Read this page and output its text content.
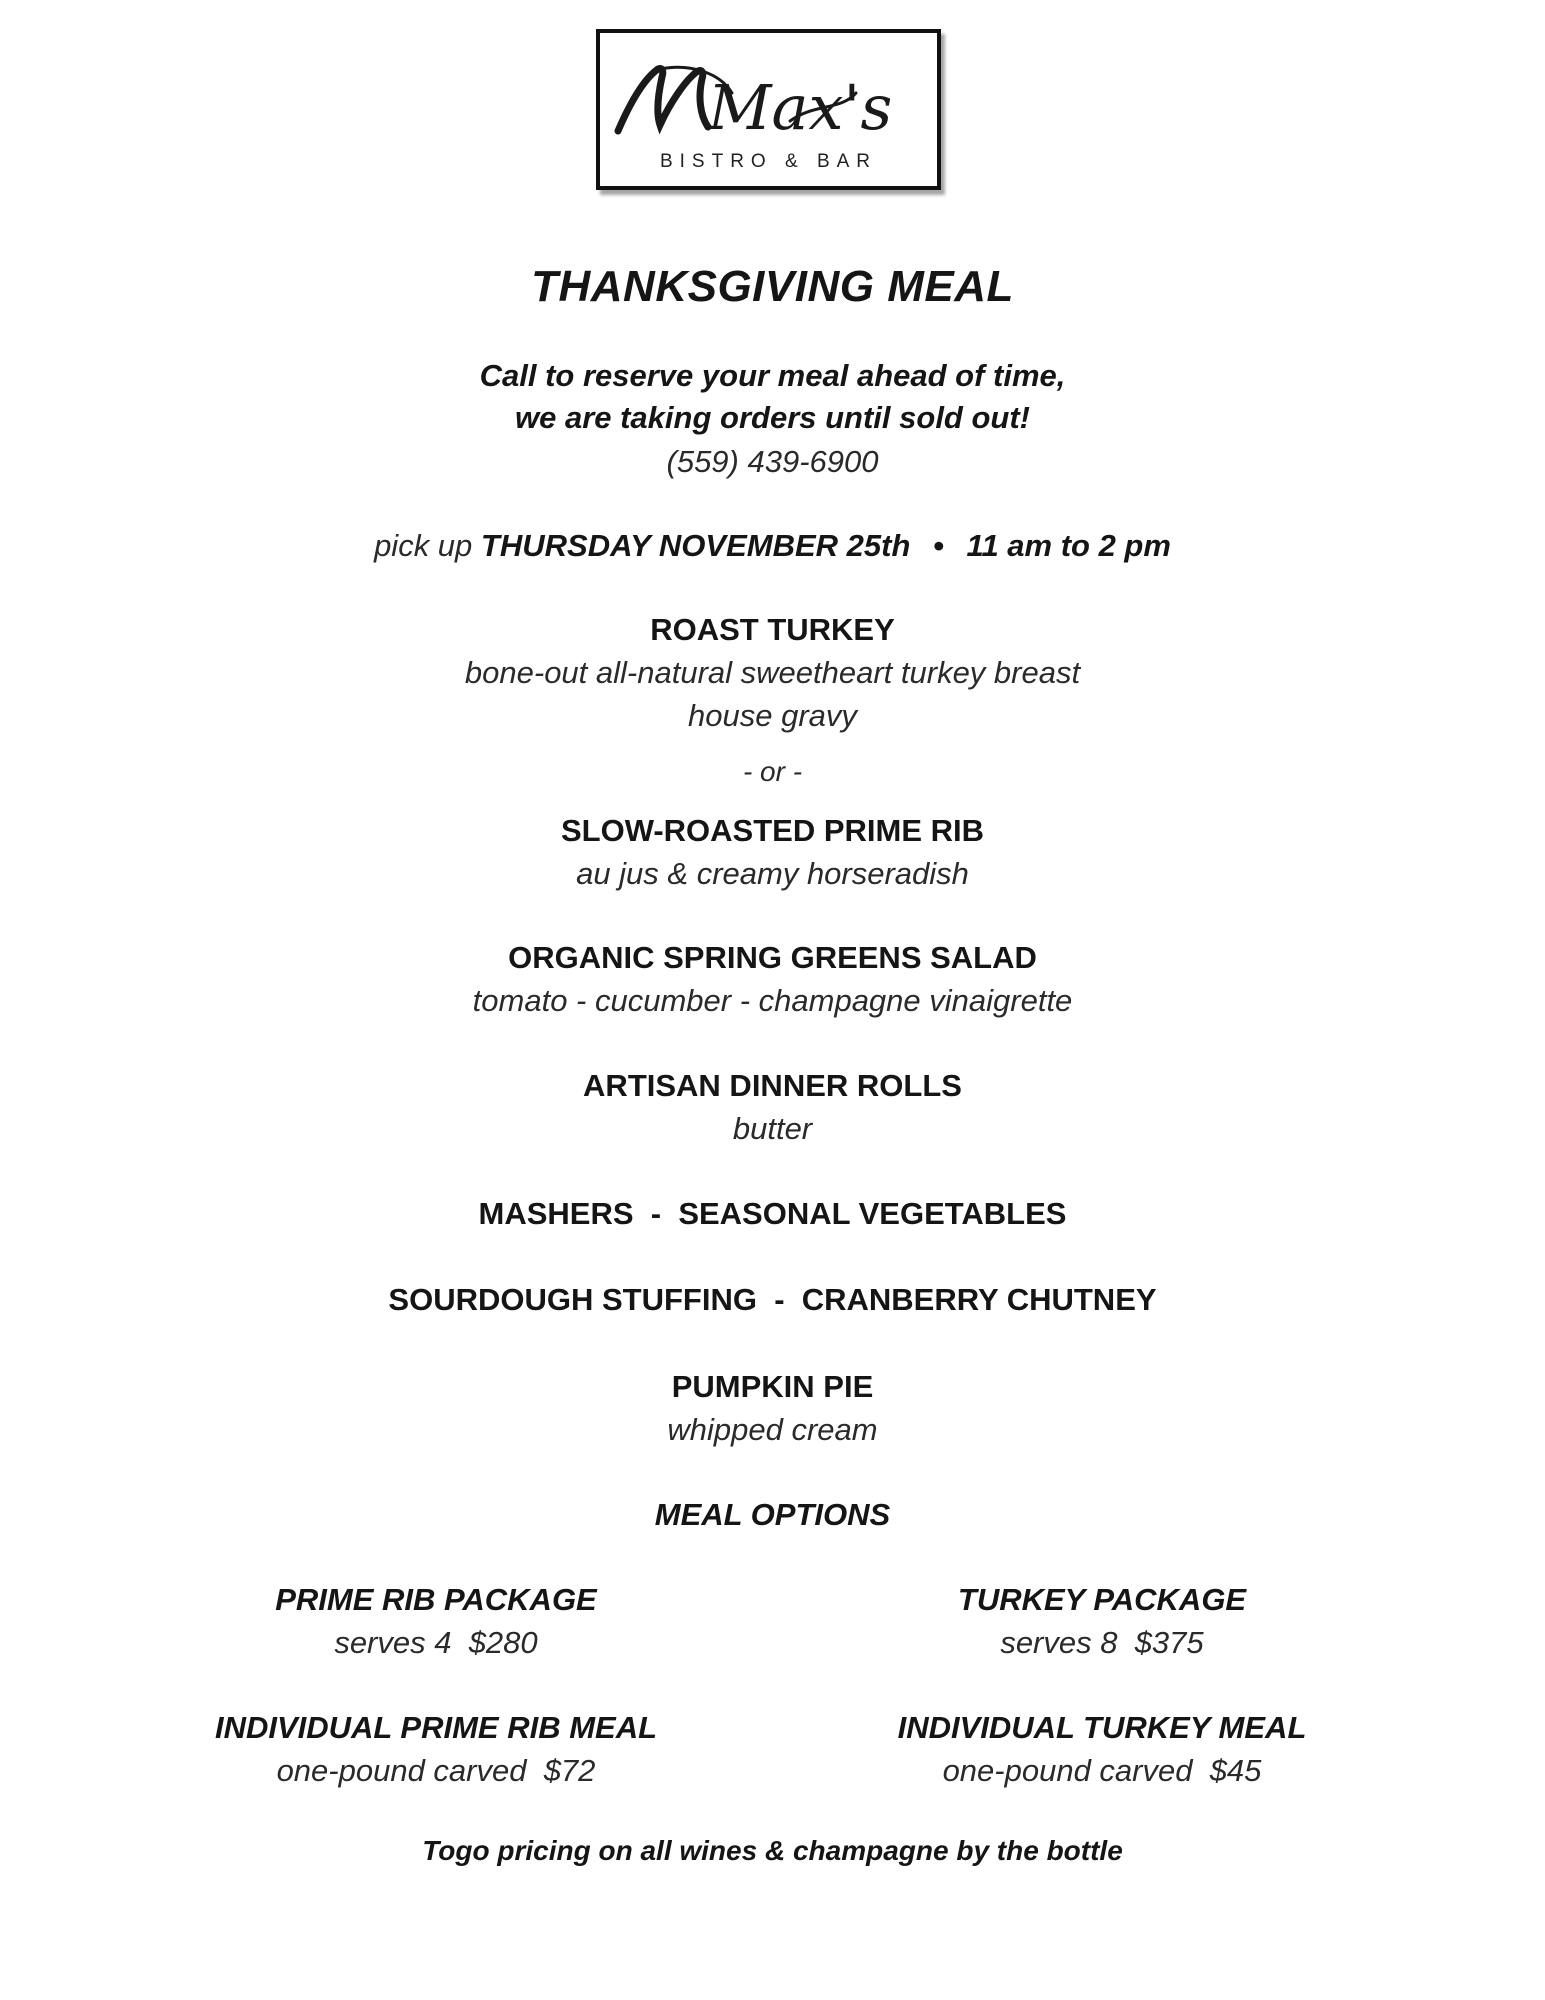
Max's
BISTRO & BAR
THANKSGIVING MEAL
Call to reserve your meal ahead of time,
we are taking orders until sold out!
(559) 439-6900
pick up THURSDAY NOVEMBER 25th • 11 am to 2 pm
ROAST TURKEY
bone-out all-natural sweetheart turkey breast
house gravy
- or -
SLOW-ROASTED PRIME RIB
au jus & creamy horseradish
ORGANIC SPRING GREENS SALAD
tomato - cucumber - champagne vinaigrette
ARTISAN DINNER ROLLS
butter
MASHERS  -  SEASONAL VEGETABLES
SOURDOUGH STUFFING  -  CRANBERRY CHUTNEY
PUMPKIN PIE
whipped cream
MEAL OPTIONS
PRIME RIB PACKAGE
serves 4  $280
TURKEY PACKAGE
serves 8  $375
INDIVIDUAL PRIME RIB MEAL
one-pound carved  $72
INDIVIDUAL TURKEY MEAL
one-pound carved  $45
Togo pricing on all wines & champagne by the bottle
